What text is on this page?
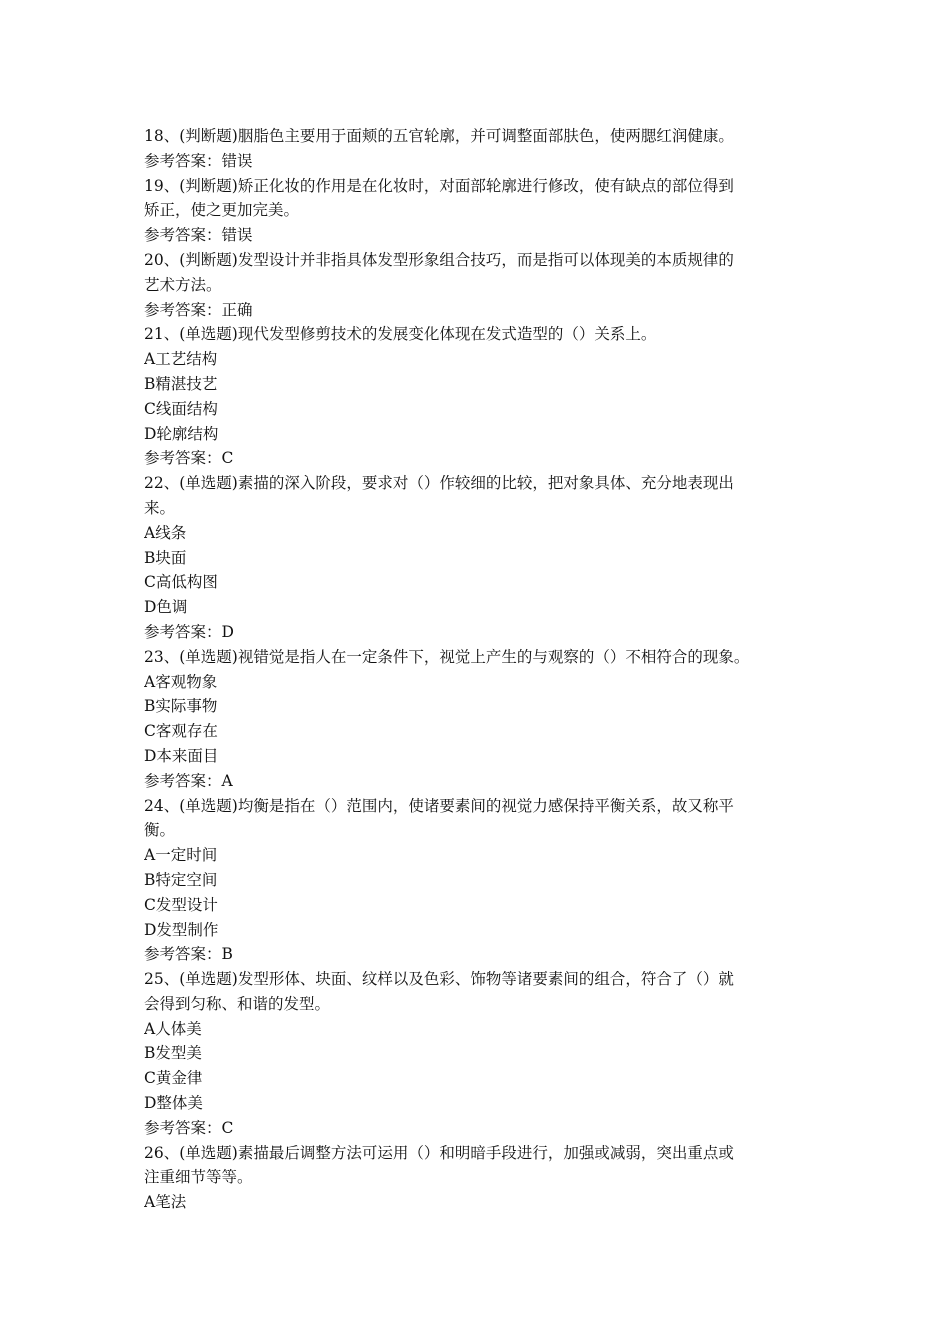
18、(判断题)胭脂色主要用于面颊的五官轮廓，并可调整面部肤色，使两腮红润健康。
参考答案：错误
19、(判断题)矫正化妆的作用是在化妆时，对面部轮廓进行修改，使有缺点的部位得到
矫正，使之更加完美。
参考答案：错误
20、(判断题)发型设计并非指具体发型形象组合技巧，而是指可以体现美的本质规律的
艺术方法。
参考答案：正确
21、(单选题)现代发型修剪技术的发展变化体现在发式造型的（）关系上。
A工艺结构
B精湛技艺
C线面结构
D轮廓结构
参考答案：C
22、(单选题)素描的深入阶段，要求对（）作较细的比较，把对象具体、充分地表现出
来。
A线条
B块面
C高低构图
D色调
参考答案：D
23、(单选题)视错觉是指人在一定条件下，视觉上产生的与观察的（）不相符合的现象。
A客观物象
B实际事物
C客观存在
D本来面目
参考答案：A
24、(单选题)均衡是指在（）范围内，使诸要素间的视觉力感保持平衡关系，故又称平
衡。
A一定时间
B特定空间
C发型设计
D发型制作
参考答案：B
25、(单选题)发型形体、块面、纹样以及色彩、饰物等诸要素间的组合，符合了（）就
会得到匀称、和谐的发型。
A人体美
B发型美
C黄金律
D整体美
参考答案：C
26、(单选题)素描最后调整方法可运用（）和明暗手段进行，加强或减弱，突出重点或
注重细节等等。
A笔法
